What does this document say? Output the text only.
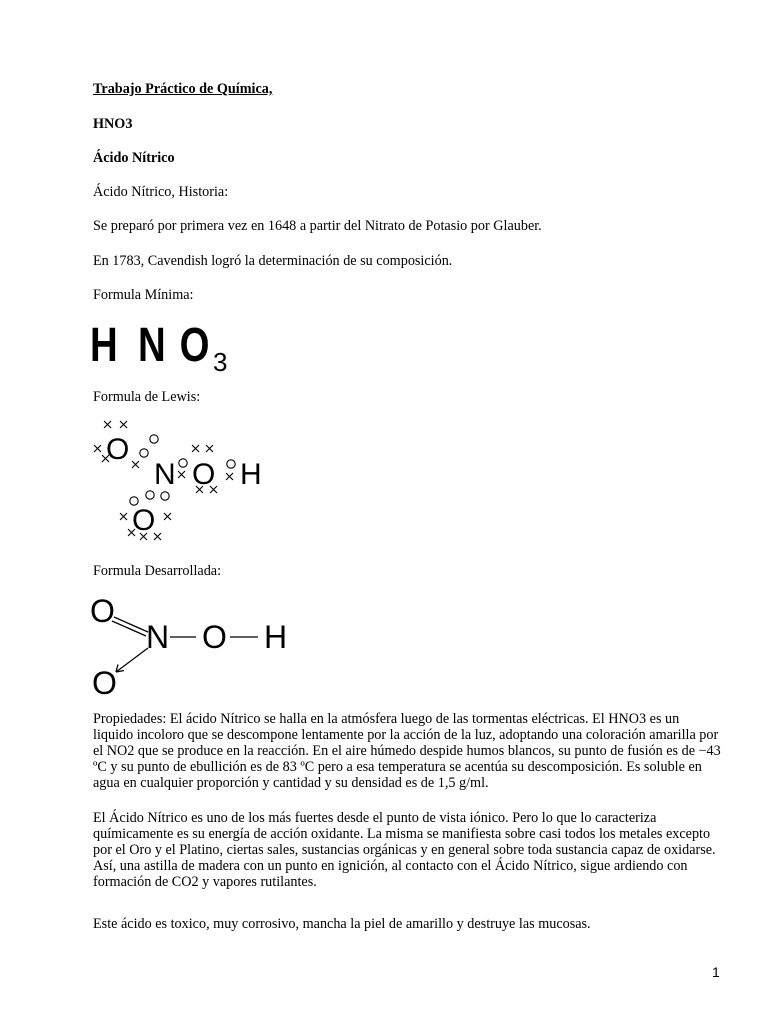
Trabajo Práctico de Química,
HNO3
Ácido Nítrico
Ácido Nítrico, Historia:
Se preparó por primera vez en 1648 a partir del Nitrato de Potasio por Glauber.
En 1783, Cavendish logró la determinación de su composición.
Formula Mínima:
H N O 3
Formula de Lewis:
O
N O H
O
Formula Desarrollada:
O
N O H
O
Propiedades: El ácido Nítrico se halla en la atmósfera luego de las tormentas eléctricas. El HNO3 es un
liquido incoloro que se descompone lentamente por la acción de la luz, adoptando una coloración amarilla por
el NO2 que se produce en la reacción. En el aire húmedo despide humos blancos, su punto de fusión es de −43
ºC y su punto de ebullición es de 83 ºC pero a esa temperatura se acentúa su descomposición. Es soluble en
agua en cualquier proporción y cantidad y su densidad es de 1,5 g/ml.
El Ácido Nítrico es uno de los más fuertes desde el punto de vista iónico. Pero lo que lo caracteriza
químicamente es su energía de acción oxidante. La misma se manifiesta sobre casi todos los metales excepto
por el Oro y el Platino, ciertas sales, sustancias orgánicas y en general sobre toda sustancia capaz de oxidarse.
Así, una astilla de madera con un punto en ignición, al contacto con el Ácido Nítrico, sigue ardiendo con
formación de CO2 y vapores rutilantes.
Este ácido es toxico, muy corrosivo, mancha la piel de amarillo y destruye las mucosas.
1
